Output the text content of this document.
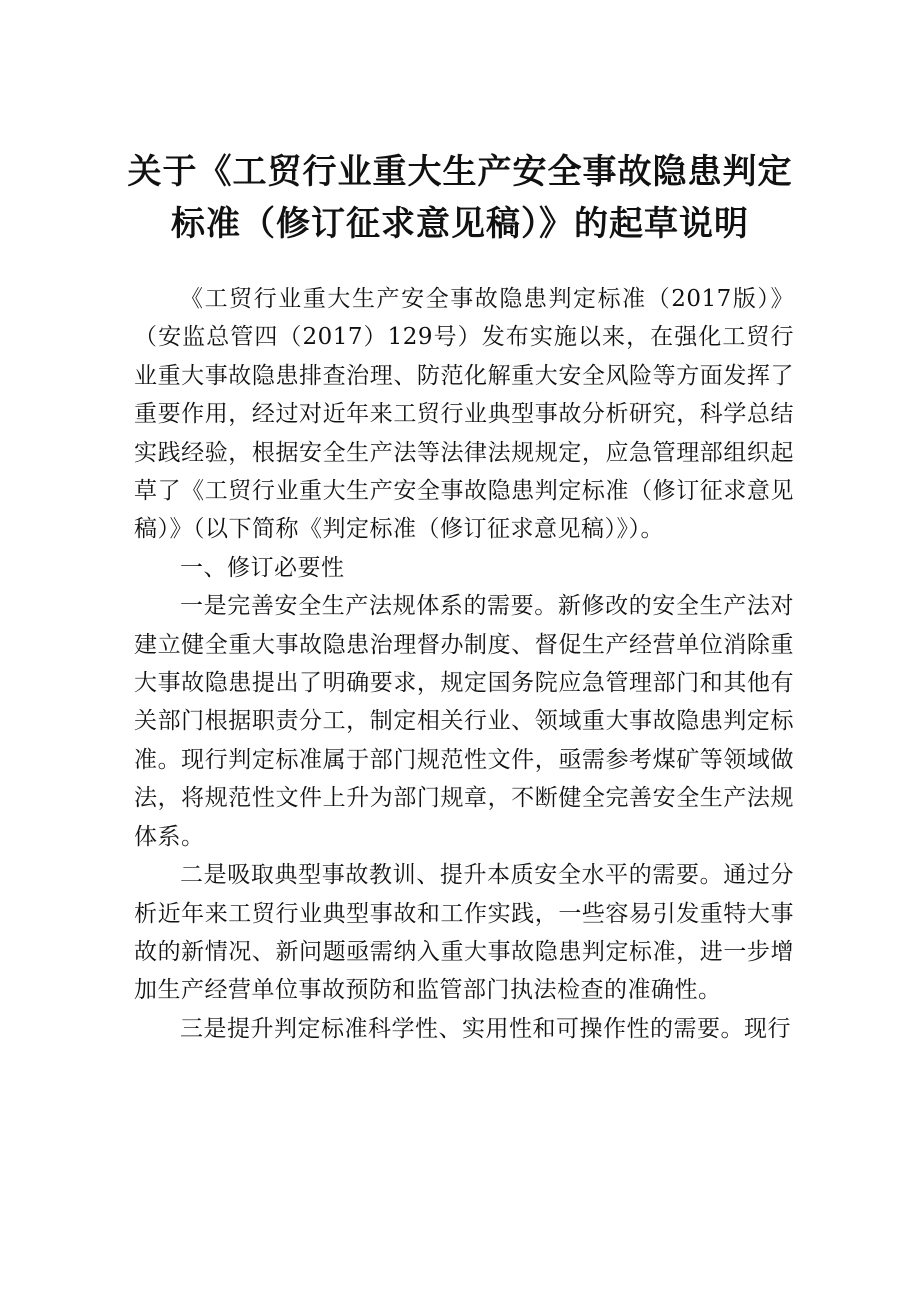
关于《工贸行业重大生产安全事故隐患判定
标准（修订征求意见稿）》的起草说明

《工贸行业重大生产安全事故隐患判定标准（2017版）》（安监总管四（2017）129号）发布实施以来，在强化工贸行业重大事故隐患排查治理、防范化解重大安全风险等方面发挥了重要作用，经过对近年来工贸行业典型事故分析研究，科学总结实践经验，根据安全生产法等法律法规规定，应急管理部组织起草了《工贸行业重大生产安全事故隐患判定标准（修订征求意见稿）》（以下简称《判定标准（修订征求意见稿）》）。

一、修订必要性

一是完善安全生产法规体系的需要。新修改的安全生产法对建立健全重大事故隐患治理督办制度、督促生产经营单位消除重大事故隐患提出了明确要求，规定国务院应急管理部门和其他有关部门根据职责分工，制定相关行业、领域重大事故隐患判定标准。现行判定标准属于部门规范性文件，亟需参考煤矿等领域做法，将规范性文件上升为部门规章，不断健全完善安全生产法规体系。

二是吸取典型事故教训、提升本质安全水平的需要。通过分析近年来工贸行业典型事故和工作实践，一些容易引发重特大事故的新情况、新问题亟需纳入重大事故隐患判定标准，进一步增加生产经营单位事故预防和监管部门执法检查的准确性。

三是提升判定标准科学性、实用性和可操作性的需要。现行
